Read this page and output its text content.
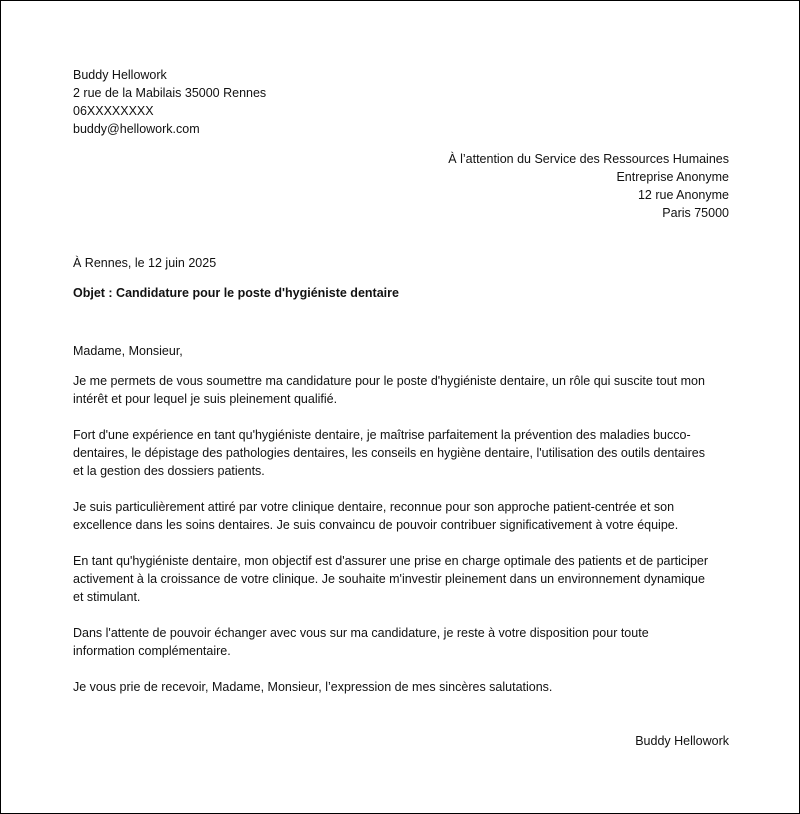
Buddy Hellowork
2 rue de la Mabilais 35000 Rennes
06XXXXXXXX
buddy@hellowork.com
À l’attention du Service des Ressources Humaines
Entreprise Anonyme
12 rue Anonyme
Paris 75000
À Rennes, le 12 juin 2025
Objet : Candidature pour le poste d'hygiéniste dentaire
Madame, Monsieur,
Je me permets de vous soumettre ma candidature pour le poste d'hygiéniste dentaire, un rôle qui suscite tout mon
intérêt et pour lequel je suis pleinement qualifié.
Fort d'une expérience en tant qu'hygiéniste dentaire, je maîtrise parfaitement la prévention des maladies bucco-
dentaires, le dépistage des pathologies dentaires, les conseils en hygiène dentaire, l'utilisation des outils dentaires
et la gestion des dossiers patients.
Je suis particulièrement attiré par votre clinique dentaire, reconnue pour son approche patient-centrée et son
excellence dans les soins dentaires. Je suis convaincu de pouvoir contribuer significativement à votre équipe.
En tant qu'hygiéniste dentaire, mon objectif est d'assurer une prise en charge optimale des patients et de participer
activement à la croissance de votre clinique. Je souhaite m'investir pleinement dans un environnement dynamique
et stimulant.
Dans l'attente de pouvoir échanger avec vous sur ma candidature, je reste à votre disposition pour toute
information complémentaire.
Je vous prie de recevoir, Madame, Monsieur, l’expression de mes sincères salutations.
Buddy Hellowork
